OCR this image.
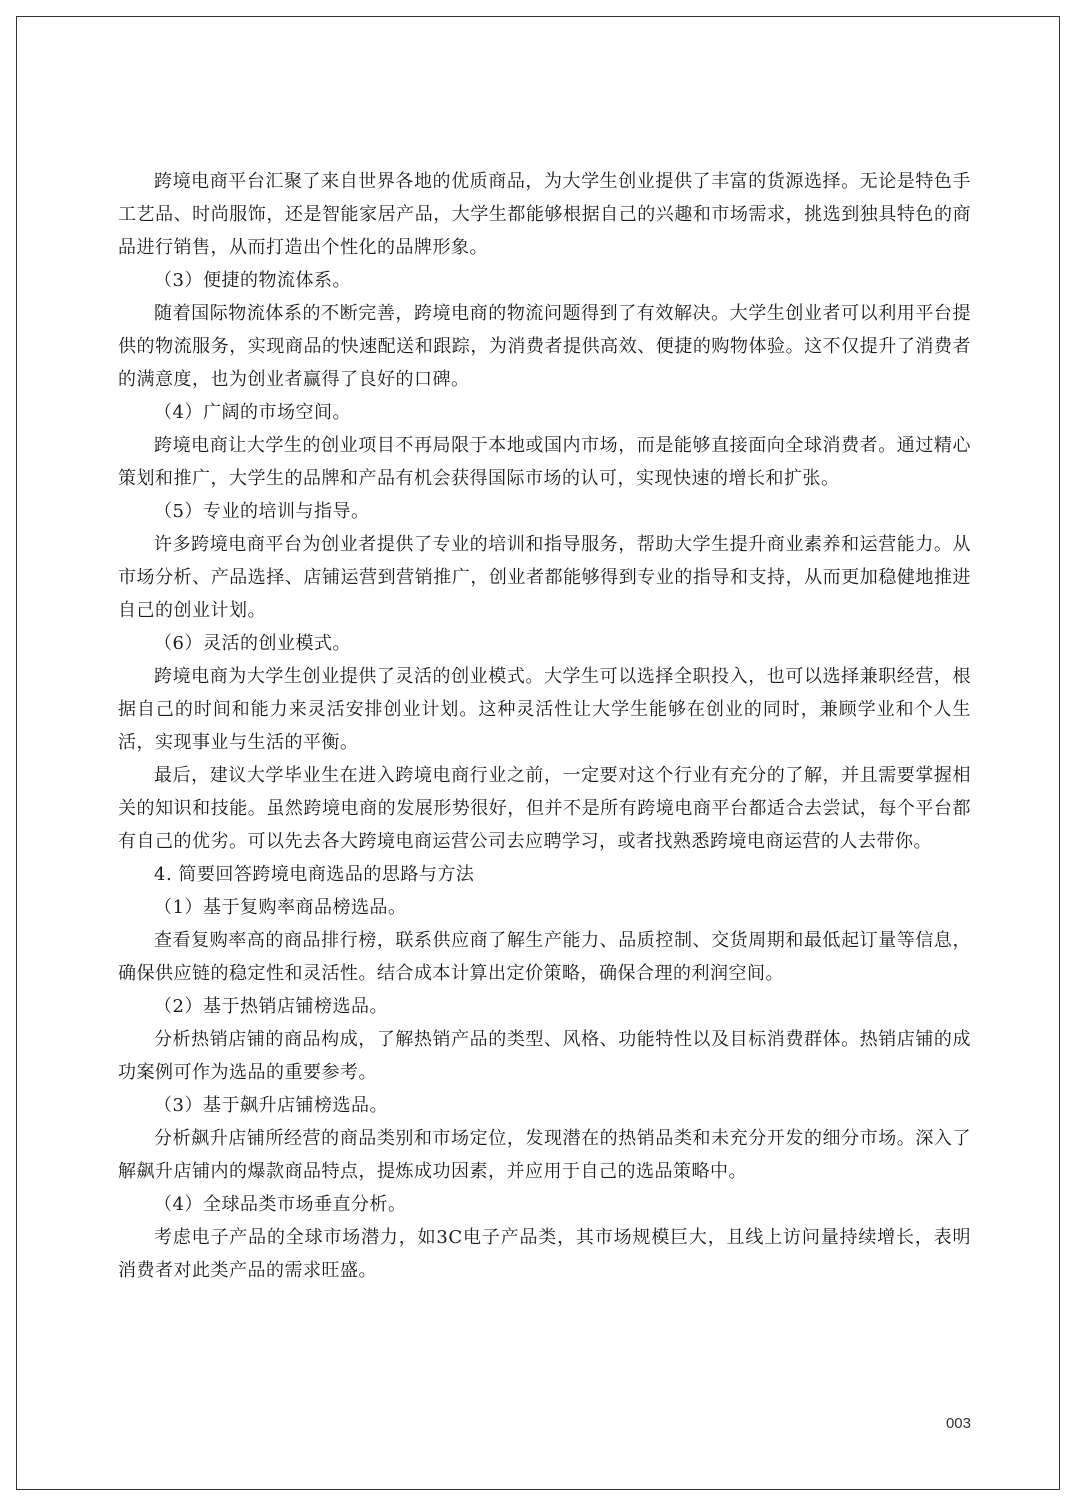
跨境电商平台汇聚了来自世界各地的优质商品，为大学生创业提供了丰富的货源选择。无论是特色手工艺品、时尚服饰，还是智能家居产品，大学生都能够根据自己的兴趣和市场需求，挑选到独具特色的商品进行销售，从而打造出个性化的品牌形象。

（3）便捷的物流体系。

随着国际物流体系的不断完善，跨境电商的物流问题得到了有效解决。大学生创业者可以利用平台提供的物流服务，实现商品的快速配送和跟踪，为消费者提供高效、便捷的购物体验。这不仅提升了消费者的满意度，也为创业者赢得了良好的口碑。

（4）广阔的市场空间。

跨境电商让大学生的创业项目不再局限于本地或国内市场，而是能够直接面向全球消费者。通过精心策划和推广，大学生的品牌和产品有机会获得国际市场的认可，实现快速的增长和扩张。

（5）专业的培训与指导。

许多跨境电商平台为创业者提供了专业的培训和指导服务，帮助大学生提升商业素养和运营能力。从市场分析、产品选择、店铺运营到营销推广，创业者都能够得到专业的指导和支持，从而更加稳健地推进自己的创业计划。

（6）灵活的创业模式。

跨境电商为大学生创业提供了灵活的创业模式。大学生可以选择全职投入，也可以选择兼职经营，根据自己的时间和能力来灵活安排创业计划。这种灵活性让大学生能够在创业的同时，兼顾学业和个人生活，实现事业与生活的平衡。

最后，建议大学毕业生在进入跨境电商行业之前，一定要对这个行业有充分的了解，并且需要掌握相关的知识和技能。虽然跨境电商的发展形势很好，但并不是所有跨境电商平台都适合去尝试，每个平台都有自己的优劣。可以先去各大跨境电商运营公司去应聘学习，或者找熟悉跨境电商运营的人去带你。

4. 简要回答跨境电商选品的思路与方法

（1）基于复购率商品榜选品。

查看复购率高的商品排行榜，联系供应商了解生产能力、品质控制、交货周期和最低起订量等信息，确保供应链的稳定性和灵活性。结合成本计算出定价策略，确保合理的利润空间。

（2）基于热销店铺榜选品。

分析热销店铺的商品构成，了解热销产品的类型、风格、功能特性以及目标消费群体。热销店铺的成功案例可作为选品的重要参考。

（3）基于飙升店铺榜选品。

分析飙升店铺所经营的商品类别和市场定位，发现潜在的热销品类和未充分开发的细分市场。深入了解飙升店铺内的爆款商品特点，提炼成功因素，并应用于自己的选品策略中。

（4）全球品类市场垂直分析。

考虑电子产品的全球市场潜力，如3C电子产品类，其市场规模巨大，且线上访问量持续增长，表明消费者对此类产品的需求旺盛。

003
